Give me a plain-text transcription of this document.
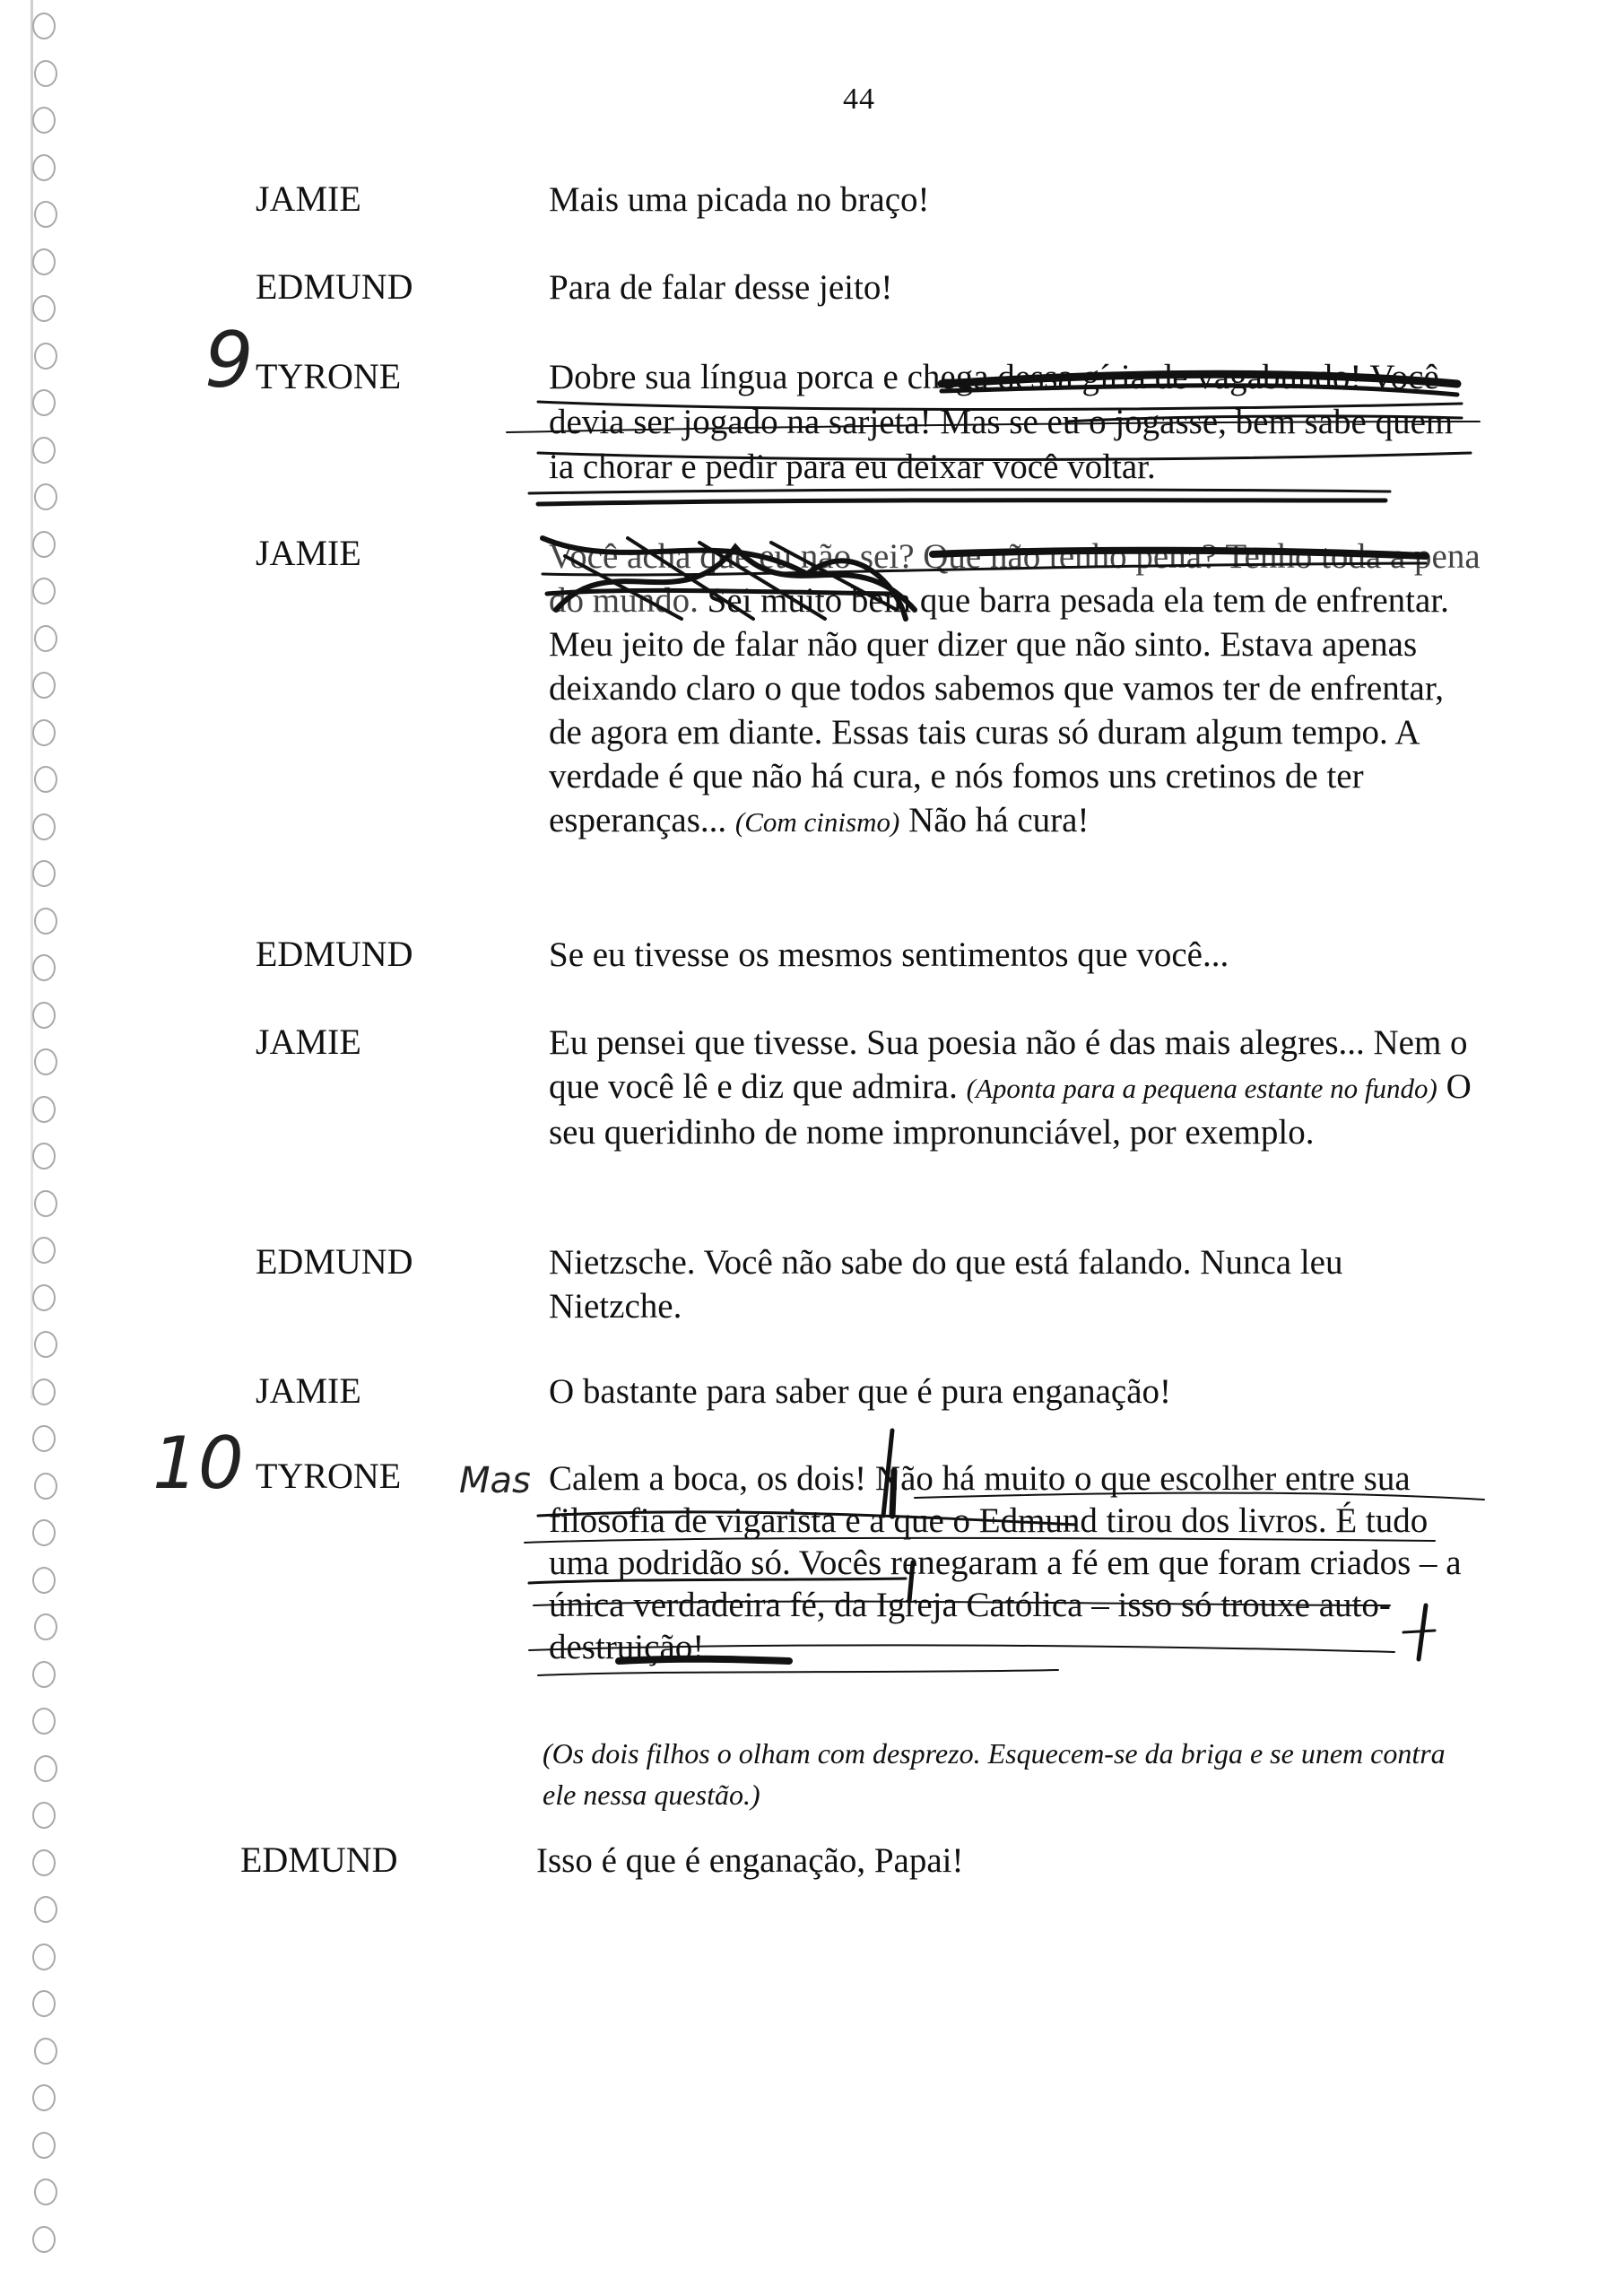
44
JAMIE	Mais uma picada no braço!
EDMUND	Para de falar desse jeito!
TYRONE	Dobre sua língua porca e chega dessa gíria de vagabundo! Você devia ser jogado na sarjeta! Mas se eu o jogasse, bem sabe quem ia chorar e pedir para eu deixar você voltar.
JAMIE	Você acha que eu não sei? Que não tenho pena? Tenho toda a pena do mundo. Sei muito bem que barra pesada ela tem de enfrentar. Meu jeito de falar não quer dizer que não sinto. Estava apenas deixando claro o que todos sabemos que vamos ter de enfrentar, de agora em diante. Essas tais curas só duram algum tempo. A verdade é que não há cura, e nós fomos uns cretinos de ter esperanças... (Com cinismo) Não há cura!
EDMUND	Se eu tivesse os mesmos sentimentos que você...
JAMIE	Eu pensei que tivesse. Sua poesia não é das mais alegres... Nem o que você lê e diz que admira. (Aponta para a pequena estante no fundo) O seu queridinho de nome impronunciável, por exemplo.
EDMUND	Nietzsche. Você não sabe do que está falando. Nunca leu Nietzche.
JAMIE	O bastante para saber que é pura enganação!
TYRONE	Calem a boca, os dois! Não há muito o que escolher entre sua filosofia de vigarista e a que o Edmund tirou dos livros. É tudo uma podridão só. Vocês renegaram a fé em que foram criados – a única verdadeira fé, da Igreja Católica – isso só trouxe auto-destruição!
EDMUND	Isso é que é enganação, Papai!
(Os dois filhos o olham com desprezo. Esquecem-se da briga e se unem contra ele nessa questão.)
9
10	Mas
